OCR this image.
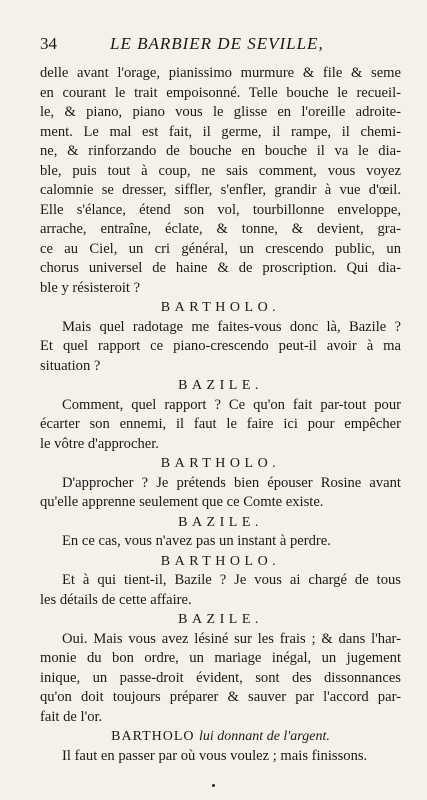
34	LE BARBIER DE SEVILLE,
delle avant l'orage, pianissimo murmure & file & seme
en courant le trait empoisonné. Telle bouche le recueil-
le, & piano, piano vous le glisse en l'oreille adroite-
ment. Le mal est fait, il germe, il rampe, il chemi-
ne, & rinforzando de bouche en bouche il va le dia-
ble, puis tout à coup, ne sais comment, vous voyez
calomnie se dresser, siffler, s'enfler, grandir à vue d'œil.
Elle s'élance, étend son vol, tourbillonne enveloppe,
arrache, entraîne, éclate, & tonne, & devient, gra-
ce au Ciel, un cri général, un crescendo public, un
chorus universel de haine & de proscription. Qui dia-
ble y résisteroit ?
BARTHOLO.
Mais quel radotage me faites-vous donc là, Bazile ?
Et quel rapport ce piano-crescendo peut-il avoir à ma
situation ?
BAZILE.
Comment, quel rapport ? Ce qu'on fait par-tout pour
écarter son ennemi, il faut le faire ici pour empêcher
le vôtre d'approcher.
BARTHOLO.
D'approcher ? Je prétends bien épouser Rosine avant
qu'elle apprenne seulement que ce Comte existe.
BAZILE.
En ce cas, vous n'avez pas un instant à perdre.
BARTHOLO.
Et à qui tient-il, Bazile ? Je vous ai chargé de tous
les détails de cette affaire.
BAZILE.
Oui. Mais vous avez lésiné sur les frais ; & dans l'har-
monie du bon ordre, un mariage inégal, un jugement
inique, un passe-droit évident, sont des dissonnances
qu'on doit toujours préparer & sauver par l'accord par-
fait de l'or.
BARTHOLO lui donnant de l'argent.
Il faut en passer par où vous voulez ; mais finissons.
